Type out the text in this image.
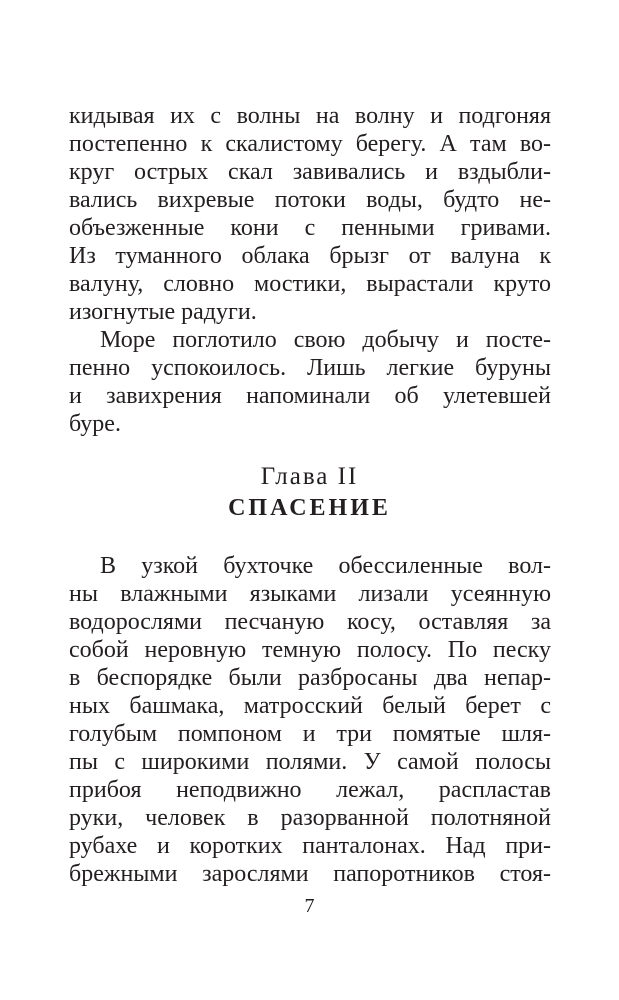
кидывая их с волны на волну и подгоняя
постепенно к скалистому берегу. А там во-
круг острых скал завивались и вздыбли-
вались вихревые потоки воды, будто не-
объезженные кони с пенными гривами.
Из туманного облака брызг от валуна к
валуну, словно мостики, вырастали круто
изогнутые радуги.
Море поглотило свою добычу и посте-
пенно успокоилось. Лишь легкие буруны
и завихрения напоминали об улетевшей
буре.
Глава II
СПАСЕНИЕ
В узкой бухточке обессиленные вол-
ны влажными языками лизали усеянную
водорослями песчаную косу, оставляя за
собой неровную темную полосу. По песку
в беспорядке были разбросаны два непар-
ных башмака, матросский белый берет с
голубым помпоном и три помятые шля-
пы с широкими полями. У самой полосы
прибоя неподвижно лежал, распластав
руки, человек в разорванной полотняной
рубахе и коротких панталонах. Над при-
брежными зарослями папоротников стоя-
7
